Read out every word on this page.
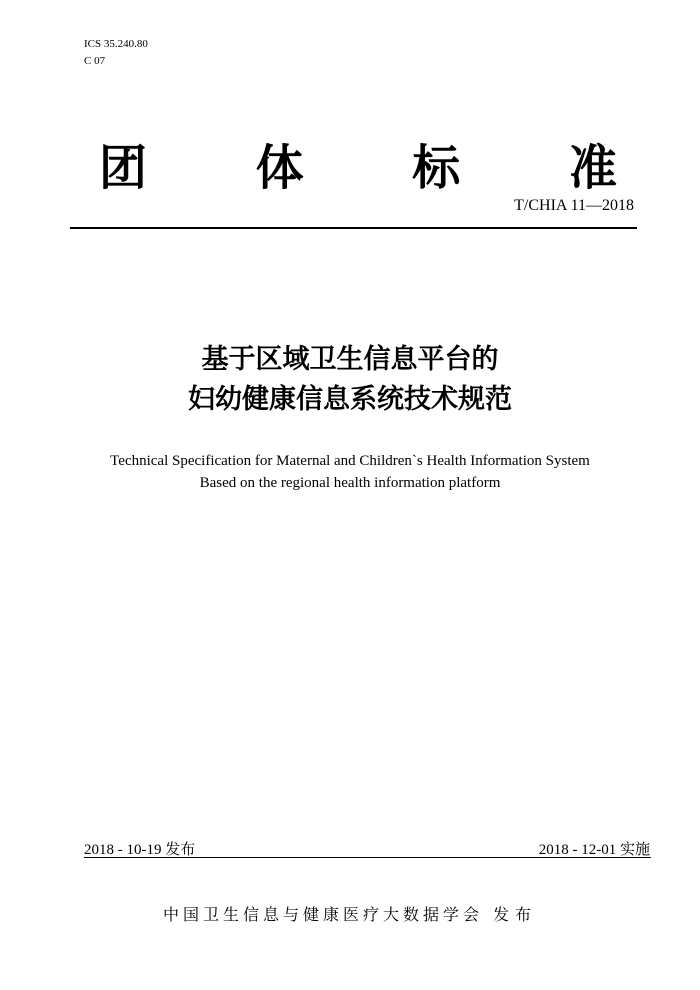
ICS 35.240.80
C 07
团 体 标 准
T/CHIA 11—2018
基于区域卫生信息平台的
妇幼健康信息系统技术规范
Technical Specification for Maternal and Children`s Health Information System
Based on the regional health information platform
2018 - 10-19 发布	2018 - 12-01 实施
中国卫生信息与健康医疗大数据学会 发布
